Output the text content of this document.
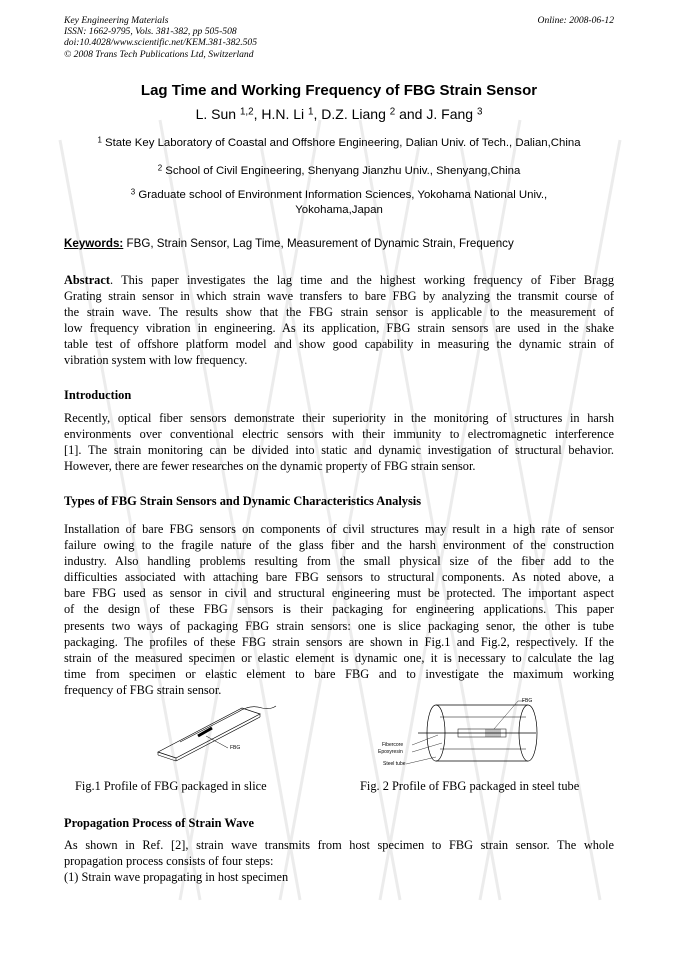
Key Engineering Materials
ISSN: 1662-9795, Vols. 381-382, pp 505-508
doi:10.4028/www.scientific.net/KEM.381-382.505
© 2008 Trans Tech Publications Ltd, Switzerland
Online: 2008-06-12
Lag Time and Working Frequency of FBG Strain Sensor
L. Sun $^{1,2}$, H.N. Li $^1$, D.Z. Liang $^2$ and J. Fang $^3$
$^1$ State Key Laboratory of Coastal and Offshore Engineering, Dalian Univ. of Tech., Dalian,China
$^2$ School of Civil Engineering, Shenyang Jianzhu Univ., Shenyang,China
$^3$ Graduate school of Environment Information Sciences, Yokohama National Univ., Yokohama,Japan
Keywords: FBG, Strain Sensor, Lag Time, Measurement of Dynamic Strain, Frequency
Abstract. This paper investigates the lag time and the highest working frequency of Fiber Bragg
Grating strain sensor in which strain wave transfers to bare FBG by analyzing the transmit course of
the strain wave. The results show that the FBG strain sensor is applicable to the measurement of
low frequency vibration in engineering. As its application, FBG strain sensors are used in the shake
table test of offshore platform model and show good capability in measuring the dynamic strain of
vibration system with low frequency.
Introduction
Recently, optical fiber sensors demonstrate their superiority in the monitoring of structures in harsh
environments over conventional electric sensors with their immunity to electromagnetic interference
[1]. The strain monitoring can be divided into static and dynamic investigation of structural behavior.
However, there are fewer researches on the dynamic property of FBG strain sensor.
Types of FBG Strain Sensors and Dynamic Characteristics Analysis
Installation of bare FBG sensors on components of civil structures may result in a high rate of sensor
failure owing to the fragile nature of the glass fiber and the harsh environment of the construction
industry. Also handling problems resulting from the small physical size of the fiber add to the
difficulties associated with attaching bare FBG sensors to structural components. As noted above, a
bare FBG used as sensor in civil and structural engineering must be protected. The important aspect
of the design of these FBG sensors is their packaging for engineering applications. This paper
presents two ways of packaging FBG strain sensors: one is slice packaging senor, the other is tube
packaging. The profiles of these FBG strain sensors are shown in Fig.1 and Fig.2, respectively. If the
strain of the measured specimen or elastic element is dynamic one, it is necessary to calculate the lag
time from specimen or elastic element to bare FBG and to investigate the maximum working
frequency of FBG strain sensor.
FBG
FBG
Fibercore
Epoxyresin
Steel tube
Fig.1 Profile of FBG packaged in slice	Fig. 2 Profile of FBG packaged in steel tube
Propagation Process of Strain Wave
As shown in Ref. [2], strain wave transmits from host specimen to FBG strain sensor. The whole
propagation process consists of four steps:
(1) Strain wave propagating in host specimen
